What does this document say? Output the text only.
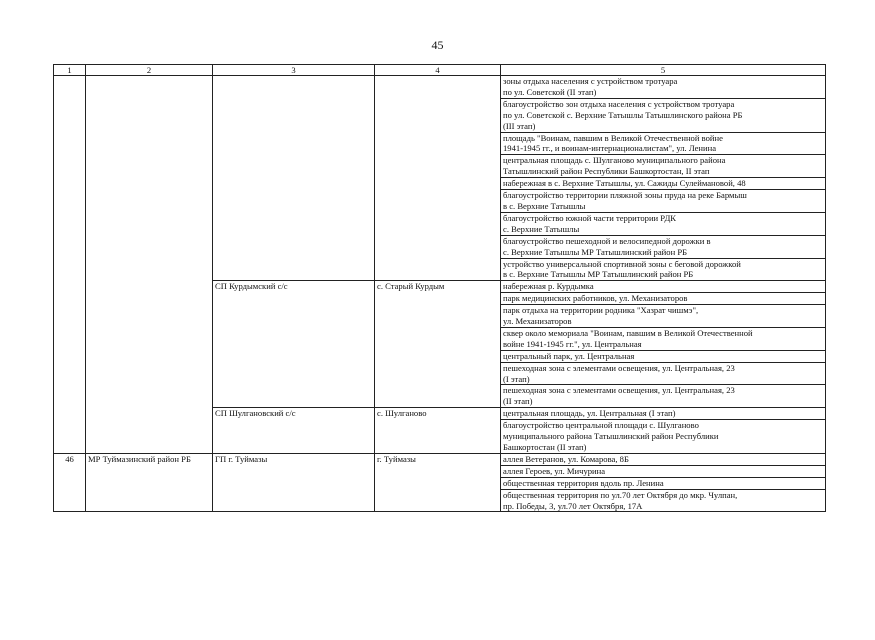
45
1	2	3	4	5

				зоны отдыха населения с устройством тротуара
по ул. Советской (II этап)

				благоустройство зон отдыха населения с устройством тротуара
по ул. Советской с. Верхние Татышлы Татышлинского района РБ
(III этап)

				площадь "Воинам, павшим в Великой Отечественной войне
1941-1945 гг., и воинам-интернационалистам", ул. Ленина

				центральная площадь с. Шулганово муниципального района
Татышлинский район Республики Башкортостан, II этап

				набережная в с. Верхние Татышлы, ул. Сажиды Сулеймановой, 48

				благоустройство территории пляжной зоны пруда на реке Бармыш
в с. Верхние Татышлы

				благоустройство южной части территории РДК
с. Верхние Татышлы

				благоустройство пешеходной и велосипедной дорожки в
с. Верхние Татышлы МР Татышлинский район РБ

				устройство универсальной спортивной зоны с беговой дорожкой
в с. Верхние Татышлы МР Татышлинский район РБ

		СП Курдымский с/с	с. Старый Курдым	набережная р. Курдымка

				парк медицинских работников, ул. Механизаторов

				парк отдыха на территории родника "Хазрат чишмэ",
ул. Механизаторов

				сквер около мемориала "Воинам, павшим в Великой Отечественной
войне 1941-1945 гг.", ул. Центральная

				центральный парк, ул. Центральная

				пешеходная зона с элементами освещения, ул. Центральная, 23
(I этап)

				пешеходная зона с элементами освещения, ул. Центральная, 23
(II этап)

		СП Шулгановский с/с	с. Шулганово	центральная площадь, ул. Центральная (I этап)

				благоустройство центральной площади с. Шулганово
муниципального района Татышлинский район Республики
Башкортостан (II этап)

46	МР Туймазинский район РБ	ГП г. Туймазы	г. Туймазы	аллея Ветеранов, ул. Комарова, 8Б

				аллея Героев, ул. Мичурина

				общественная территория вдоль пр. Ленина

				общественная территория по ул.70 лет Октября до мкр. Чулпан,
пр. Победы, 3, ул.70 лет Октября, 17А
